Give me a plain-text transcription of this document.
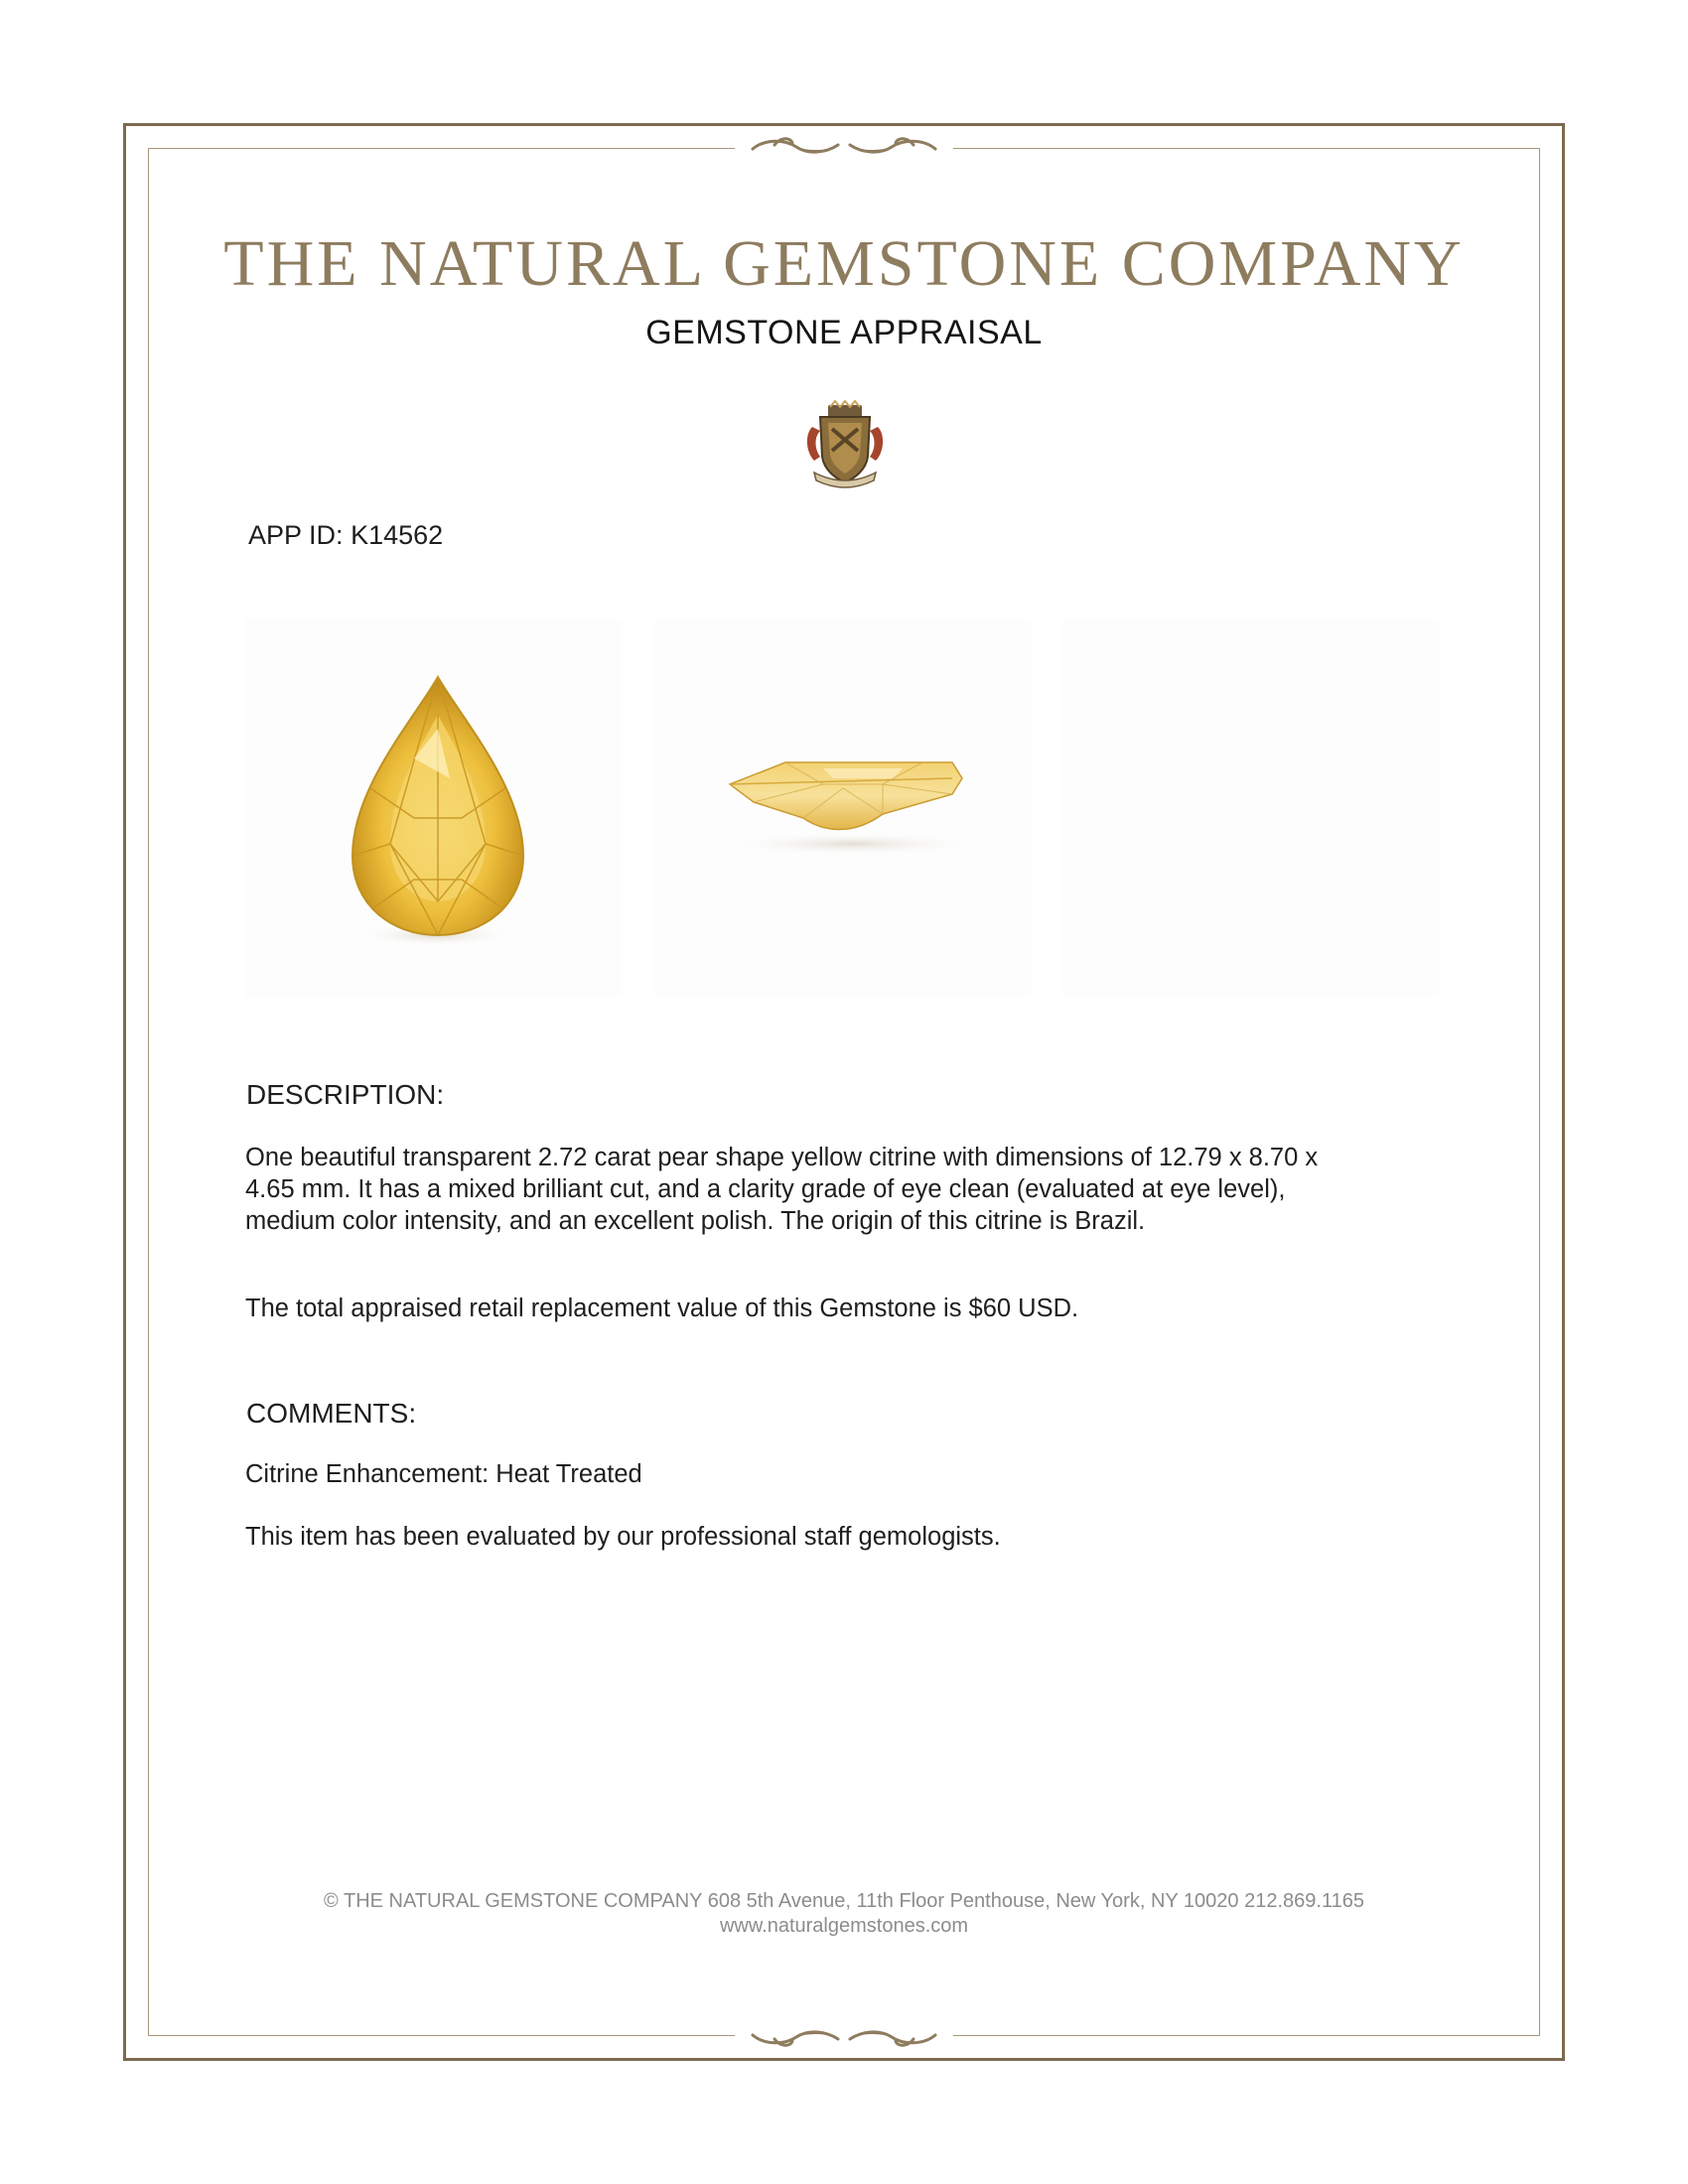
THE NATURAL GEMSTONE COMPANY
GEMSTONE APPRAISAL
APP ID: K14562
DESCRIPTION:
One beautiful transparent 2.72 carat pear shape yellow citrine with dimensions of 12.79 x 8.70 x
4.65 mm. It has a mixed brilliant cut, and a clarity grade of eye clean (evaluated at eye level),
medium color intensity, and an excellent polish. The origin of this citrine is Brazil.
The total appraised retail replacement value of this Gemstone is $60 USD.
COMMENTS:
Citrine Enhancement: Heat Treated
This item has been evaluated by our professional staff gemologists.
© THE NATURAL GEMSTONE COMPANY 608 5th Avenue, 11th Floor Penthouse, New York, NY 10020 212.869.1165
www.naturalgemstones.com
